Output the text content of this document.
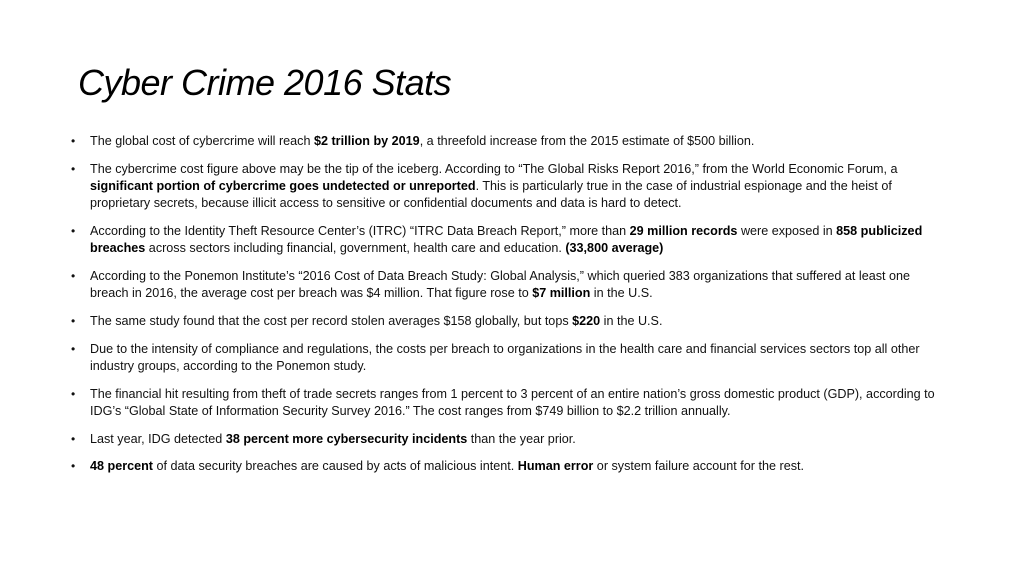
Cyber Crime 2016 Stats
• The global cost of cybercrime will reach $2 trillion by 2019, a threefold increase from the 2015 estimate of $500 billion.
• The cybercrime cost figure above may be the tip of the iceberg. According to “The Global Risks Report 2016,” from the World Economic Forum, a significant portion of cybercrime goes undetected or unreported. This is particularly true in the case of industrial espionage and the heist of proprietary secrets, because illicit access to sensitive or confidential documents and data is hard to detect.
• According to the Identity Theft Resource Center’s (ITRC) “ITRC Data Breach Report,” more than 29 million records were exposed in 858 publicized breaches across sectors including financial, government, health care and education. (33,800 average)
• According to the Ponemon Institute’s “2016 Cost of Data Breach Study: Global Analysis,” which queried 383 organizations that suffered at least one breach in 2016, the average cost per breach was $4 million. That figure rose to $7 million in the U.S.
• The same study found that the cost per record stolen averages $158 globally, but tops $220 in the U.S.
• Due to the intensity of compliance and regulations, the costs per breach to organizations in the health care and financial services sectors top all other industry groups, according to the Ponemon study.
• The financial hit resulting from theft of trade secrets ranges from 1 percent to 3 percent of an entire nation’s gross domestic product (GDP), according to IDG’s “Global State of Information Security Survey 2016.” The cost ranges from $749 billion to $2.2 trillion annually.
• Last year, IDG detected 38 percent more cybersecurity incidents than the year prior.
• 48 percent of data security breaches are caused by acts of malicious intent. Human error or system failure account for the rest.
